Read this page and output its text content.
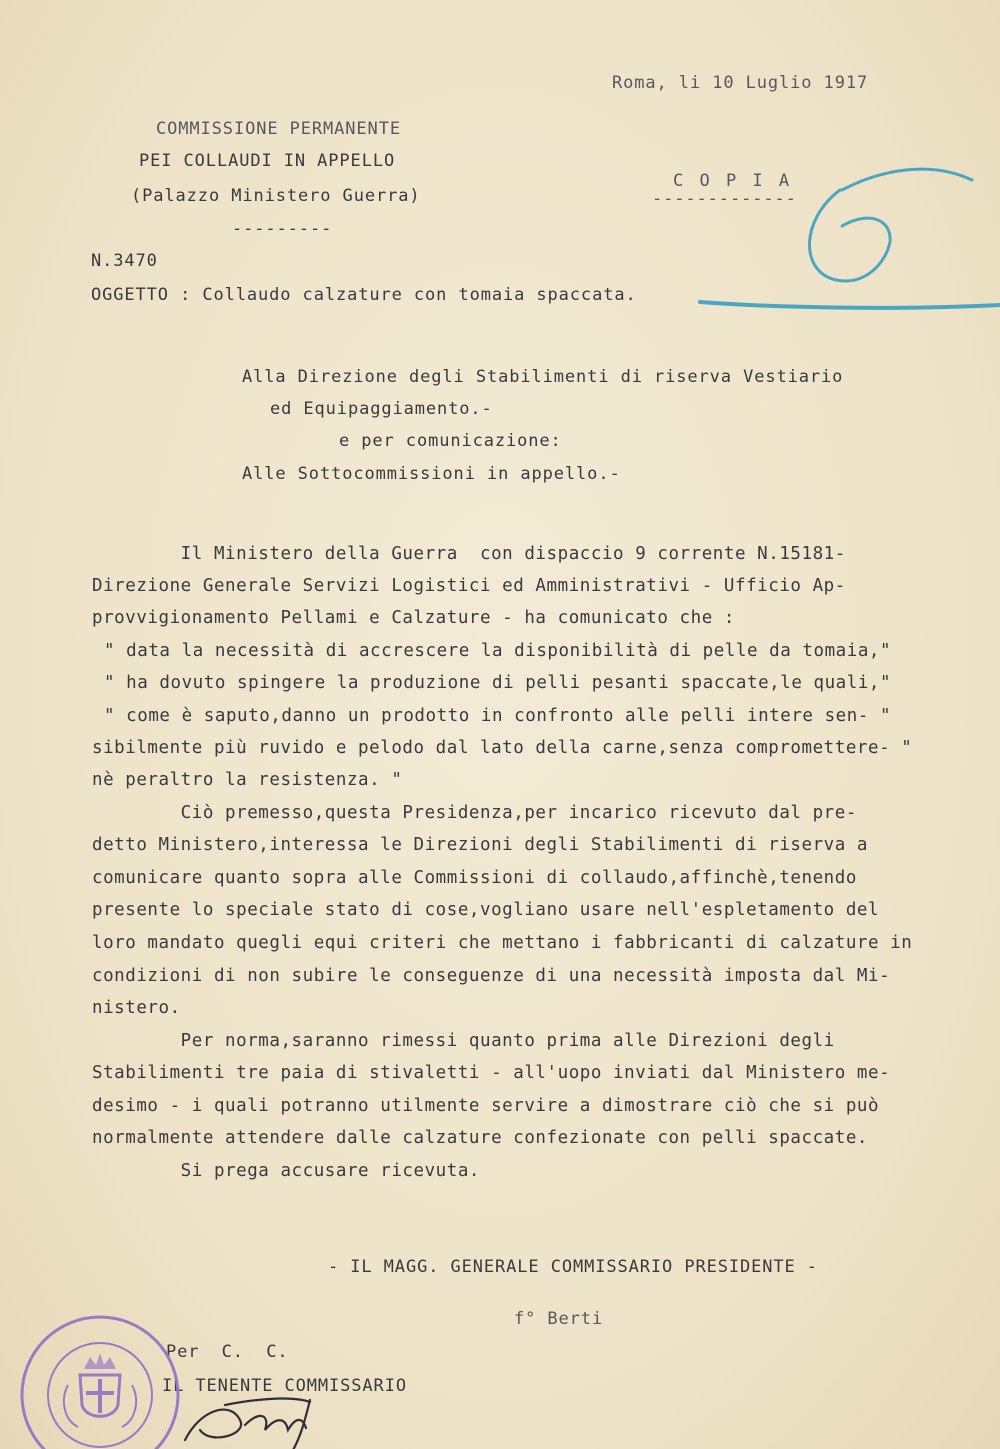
Roma, li 10 Luglio 1917
COMMISSIONE PERMANENTE
PEI COLLAUDI IN APPELLO
(Palazzo Ministero Guerra)
---------
C O P I A
-------------
N.3470
OGGETTO : Collaudo calzature con tomaia spaccata.
Alla Direzione degli Stabilimenti di riserva Vestiario
ed Equipaggiamento.-
e per comunicazione:
Alle Sottocommissioni in appello.-
Il Ministero della Guerra  con dispaccio 9 corrente N.15181-
Direzione Generale Servizi Logistici ed Amministrativi - Ufficio Ap-
provvigionamento Pellami e Calzature - ha comunicato che :
" data la necessità di accrescere la disponibilità di pelle da tomaia,"
" ha dovuto spingere la produzione di pelli pesanti spaccate,le quali,"
" come è saputo,danno un prodotto in confronto alle pelli intere sen- "
sibilmente più ruvido e pelodo dal lato della carne,senza compromettere- "
nè peraltro la resistenza. "
Ciò premesso,questa Presidenza,per incarico ricevuto dal pre-
detto Ministero,interessa le Direzioni degli Stabilimenti di riserva a
comunicare quanto sopra alle Commissioni di collaudo,affinchè,tenendo
presente lo speciale stato di cose,vogliano usare nell'espletamento del
loro mandato quegli equi criteri che mettano i fabbricanti di calzature in
condizioni di non subire le conseguenze di una necessità imposta dal Mi-
nistero.
Per norma,saranno rimessi quanto prima alle Direzioni degli
Stabilimenti tre paia di stivaletti - all'uopo inviati dal Ministero me-
desimo - i quali potranno utilmente servire a dimostrare ciò che si può
normalmente attendere dalle calzature confezionate con pelli spaccate.
Si prega accusare ricevuta.
- IL MAGG. GENERALE COMMISSARIO PRESIDENTE -
f° Berti
Per  C.  C.
IL TENENTE COMMISSARIO
